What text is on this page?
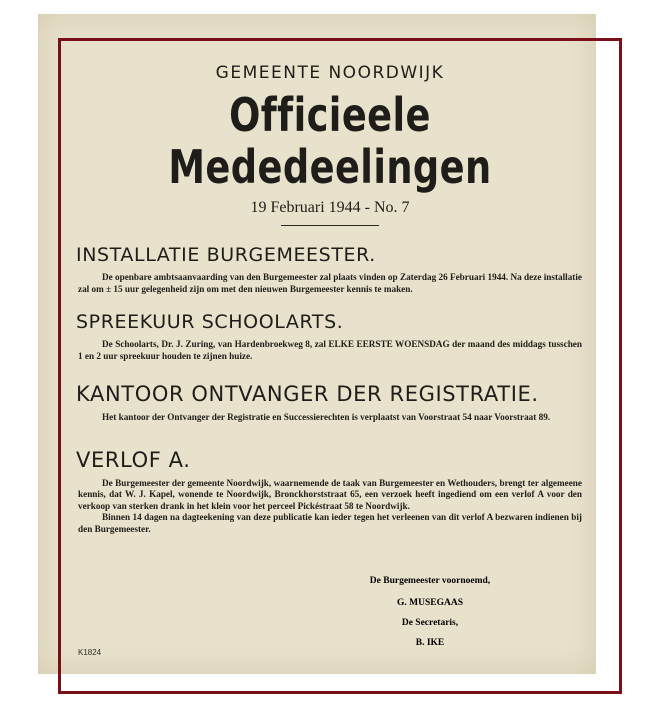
GEMEENTE NOORDWIJK
Officieele Mededeelingen
19 Februari 1944 - No. 7
INSTALLATIE BURGEMEESTER.
De openbare ambtsaanvaarding van den Burgemeester zal plaats vinden op Zaterdag 26 Februari 1944. Na deze installatie zal om ± 15 uur gelegenheid zijn om met den nieuwen Burgemeester kennis te maken.
SPREEKUUR SCHOOLARTS.
De Schoolarts, Dr. J. Zuring, van Hardenbroekweg 8, zal ELKE EERSTE WOENSDAG der maand des middags tusschen 1 en 2 uur spreekuur houden te zijnen huize.
KANTOOR ONTVANGER DER REGISTRATIE.
Het kantoor der Ontvanger der Registratie en Successierechten is verplaatst van Voorstraat 54 naar Voorstraat 89.
VERLOF A.
De Burgemeester der gemeente Noordwijk, waarnemende de taak van Burgemeester en Wethouders, brengt ter algemeene kennis, dat W. J. Kapel, wonende te Noordwijk, Bronckhorststraat 65, een verzoek heeft ingediend om een verlof A voor den verkoop van sterken drank in het klein voor het perceel Pickéstraat 58 te Noordwijk.
Binnen 14 dagen na dagteekening van deze publicatie kan ieder tegen het verleenen van dit verlof A bezwaren indienen bij den Burgemeester.
De Burgemeester voornoemd,
G. MUSEGAAS
De Secretaris,
B. IKE
K1824
